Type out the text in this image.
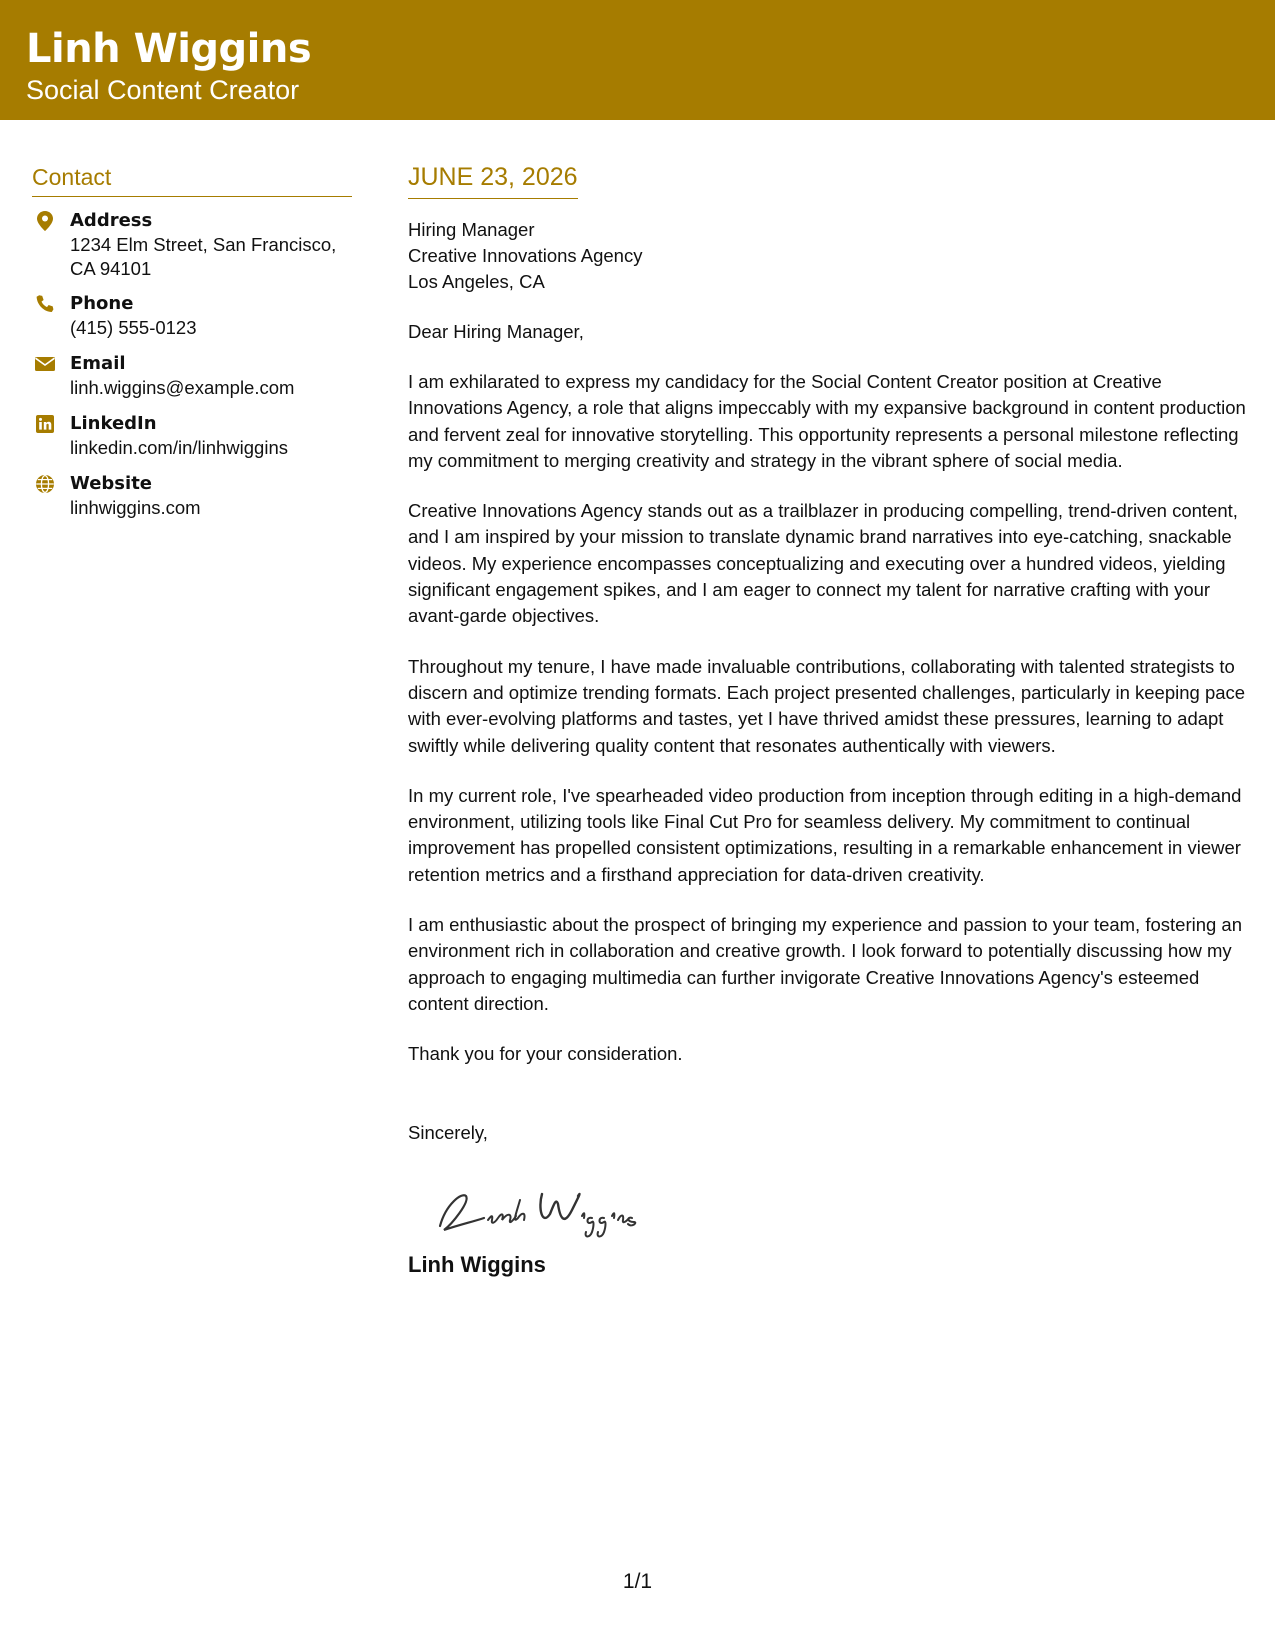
Linh Wiggins
Social Content Creator
Contact
Address
1234 Elm Street, San Francisco, CA 94101
Phone
(415) 555-0123
Email
linh.wiggins@example.com
LinkedIn
linkedin.com/in/linhwiggins
Website
linhwiggins.com
JUNE 23, 2026
Hiring Manager
Creative Innovations Agency
Los Angeles, CA
Dear Hiring Manager,
I am exhilarated to express my candidacy for the Social Content Creator position at Creative Innovations Agency, a role that aligns impeccably with my expansive background in content production and fervent zeal for innovative storytelling. This opportunity represents a personal milestone reflecting my commitment to merging creativity and strategy in the vibrant sphere of social media.
Creative Innovations Agency stands out as a trailblazer in producing compelling, trend-driven content, and I am inspired by your mission to translate dynamic brand narratives into eye-catching, snackable videos. My experience encompasses conceptualizing and executing over a hundred videos, yielding significant engagement spikes, and I am eager to connect my talent for narrative crafting with your avant-garde objectives.
Throughout my tenure, I have made invaluable contributions, collaborating with talented strategists to discern and optimize trending formats. Each project presented challenges, particularly in keeping pace with ever-evolving platforms and tastes, yet I have thrived amidst these pressures, learning to adapt swiftly while delivering quality content that resonates authentically with viewers.
In my current role, I've spearheaded video production from inception through editing in a high-demand environment, utilizing tools like Final Cut Pro for seamless delivery. My commitment to continual improvement has propelled consistent optimizations, resulting in a remarkable enhancement in viewer retention metrics and a firsthand appreciation for data-driven creativity.
I am enthusiastic about the prospect of bringing my experience and passion to your team, fostering an environment rich in collaboration and creative growth. I look forward to potentially discussing how my approach to engaging multimedia can further invigorate Creative Innovations Agency's esteemed content direction.
Thank you for your consideration.
Sincerely,
Linh Wiggins
1/1
